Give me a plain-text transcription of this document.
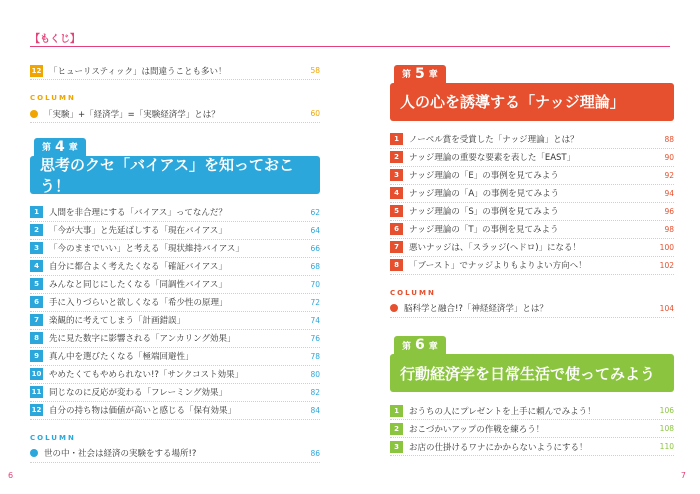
【もくじ】
12 「ヒューリスティック」は間違うことも多い！	58
COLUMN
「実験」+「経済学」=「実験経済学」とは？	60
第 4 章
思考のクセ「バイアス」を知っておこう！
1	人間を非合理にする「バイアス」ってなんだ？	62
2	「今が大事」と先延ばしする「現在バイアス」	64
3	「今のままでいい」と考える「現状維持バイアス」	66
4	自分に都合よく考えたくなる「確証バイアス」	68
5	みんなと同じにしたくなる「同調性バイアス」	70
6	手に入りづらいと欲しくなる「希少性の原理」	72
7	楽観的に考えてしまう「計画錯誤」	74
8	先に見た数字に影響される「アンカリング効果」	76
9	真ん中を選びたくなる「極端回避性」	78
10 やめたくてもやめられない!?「サンクコスト効果」	80
11 同じなのに反応が変わる「フレーミング効果」	82
12 自分の持ち物は価値が高いと感じる「保有効果」	84
COLUMN
世の中・社会は経済の実験をする場所!?	86
第 5 章
人の心を誘導する「ナッジ理論」
1	ノーベル賞を受賞した「ナッジ理論」とは？	88
2	ナッジ理論の重要な要素を表した「EAST」	90
3	ナッジ理論の「E」の事例を見てみよう	92
4	ナッジ理論の「A」の事例を見てみよう	94
5	ナッジ理論の「S」の事例を見てみよう	96
6	ナッジ理論の「T」の事例を見てみよう	98
7	悪いナッジは、「スラッジ(ヘドロ)」になる！	100
8	「ブースト」でナッジよりもよりよい方向へ！	102
COLUMN
脳科学と融合!?「神経経済学」とは？	104
第 6 章
行動経済学を日常生活で使ってみよう
1	おうちの人にプレゼントを上手に頼んでみよう！	106
2	おこづかいアップの作戦を練ろう！	108
3	お店の仕掛けるワナにかからないようにする！	110
6	7
